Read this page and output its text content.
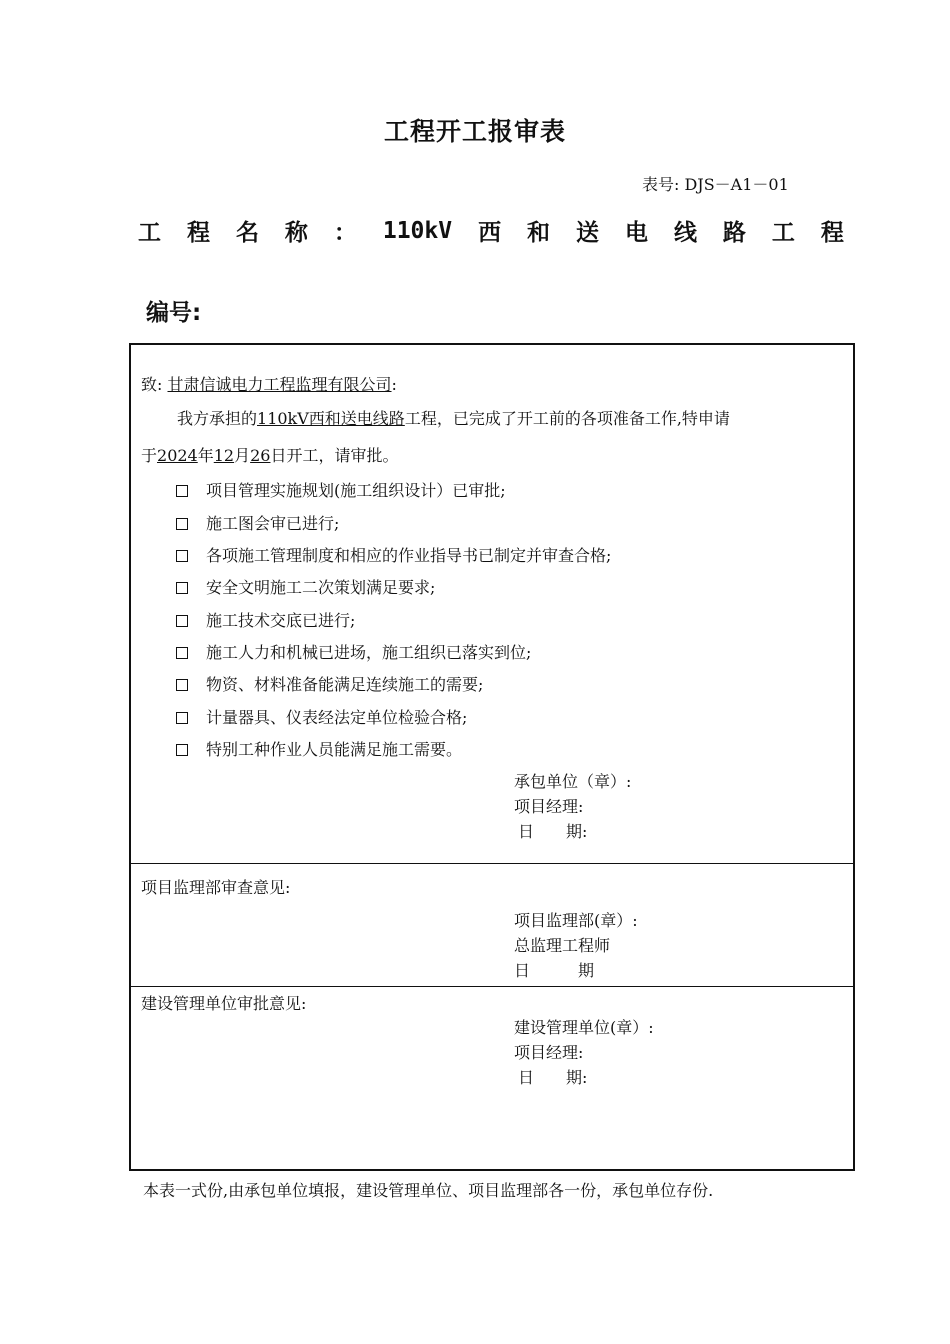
工程开工报审表
表号: DJS－A1－01
工 程 名 称 ： 110kV 西 和 送 电 线 路 工 程
编号:
致: 甘肃信诚电力工程监理有限公司:
我方承担的110kV西和送电线路工程，已完成了开工前的各项准备工作,特申请
于2024年12月26日开工，请审批。
项目管理实施规划(施工组织设计）已审批;
施工图会审已进行;
各项施工管理制度和相应的作业指导书已制定并审查合格;
安全文明施工二次策划满足要求;
施工技术交底已进行;
施工人力和机械已进场，施工组织已落实到位;
物资、材料准备能满足连续施工的需要;
计量器具、仪表经法定单位检验合格;
特别工种作业人员能满足施工需要。
承包单位（章）:
项目经理:
日　　期:
项目监理部审查意见:
项目监理部(章）:
总监理工程师
日　　　期
建设管理单位审批意见:
建设管理单位(章）:
项目经理:
日　　期:
本表一式份,由承包单位填报，建设管理单位、项目监理部各一份，承包单位存份.
